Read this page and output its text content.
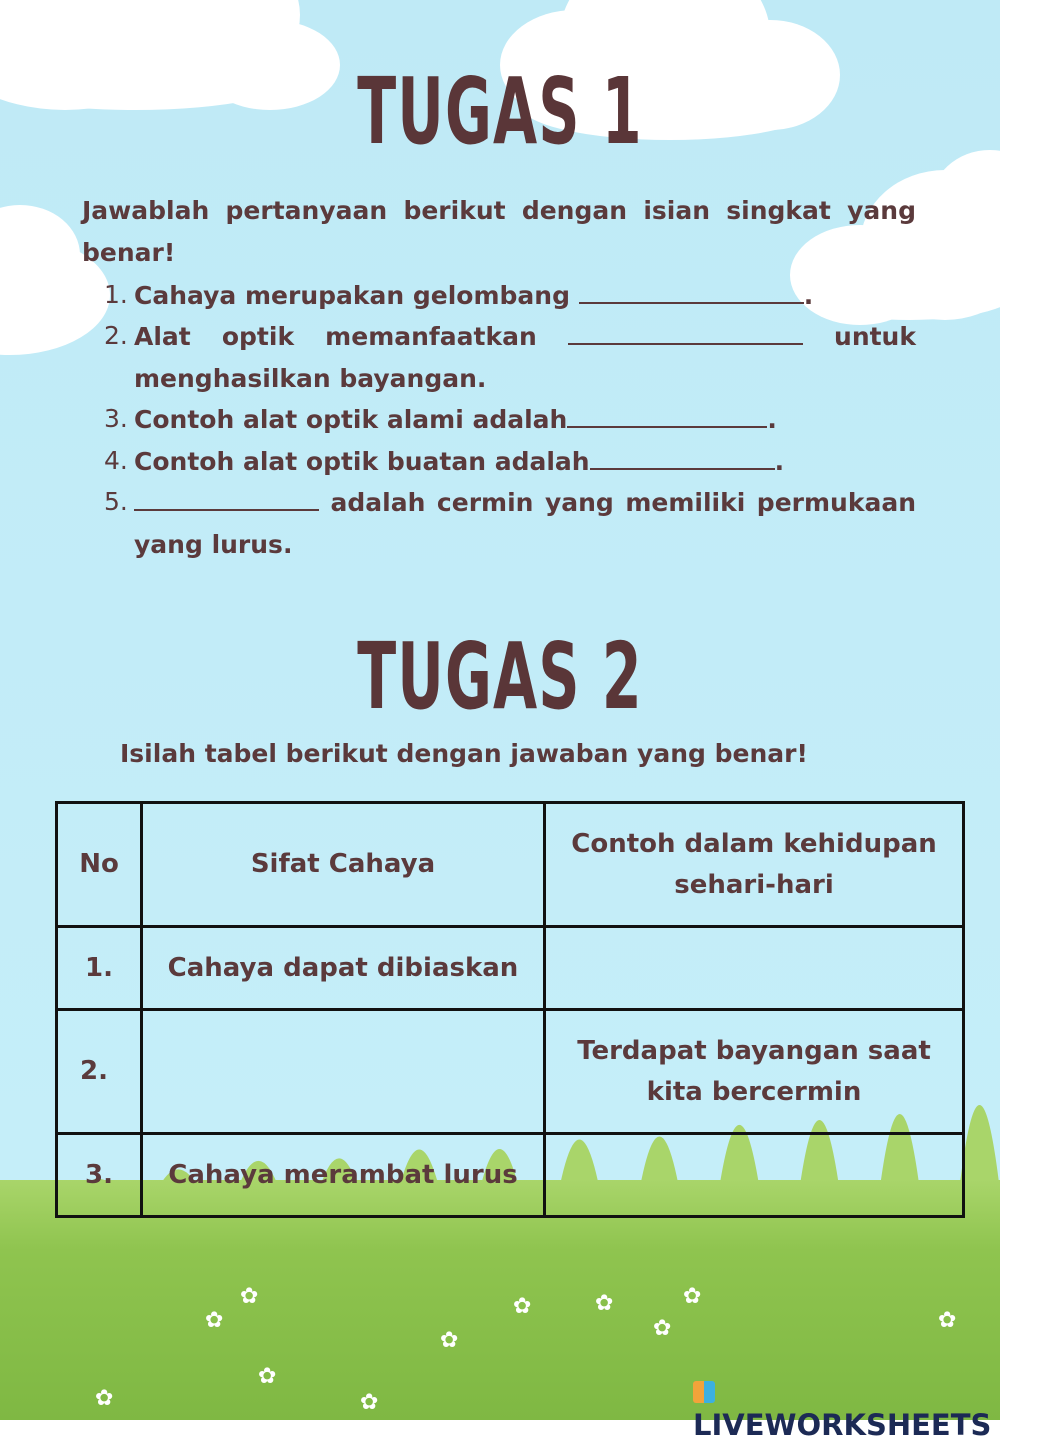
✿
✿
✿
✿	✿
✿
✿
✿
✿
✿
✿
TUGAS 1
Jawablah pertanyaan berikut dengan isian singkat yang benar!
1. Cahaya merupakan gelombang	.
2. Alat optik memanfaatkan	untuk menghasilkan bayangan.
3. Contoh alat optik alami adalah	.
4. Contoh alat optik buatan adalah	.
5.	adalah cermin yang memiliki permukaan yang lurus.
TUGAS 2
Isilah tabel berikut dengan jawaban yang benar!
No	Sifat Cahaya	Contoh dalam kehidupan sehari-hari
1.	Cahaya dapat dibiaskan	
2.		Terdapat bayangan saat kita bercermin
3.	Cahaya merambat lurus	
LIVEWORKSHEETS
